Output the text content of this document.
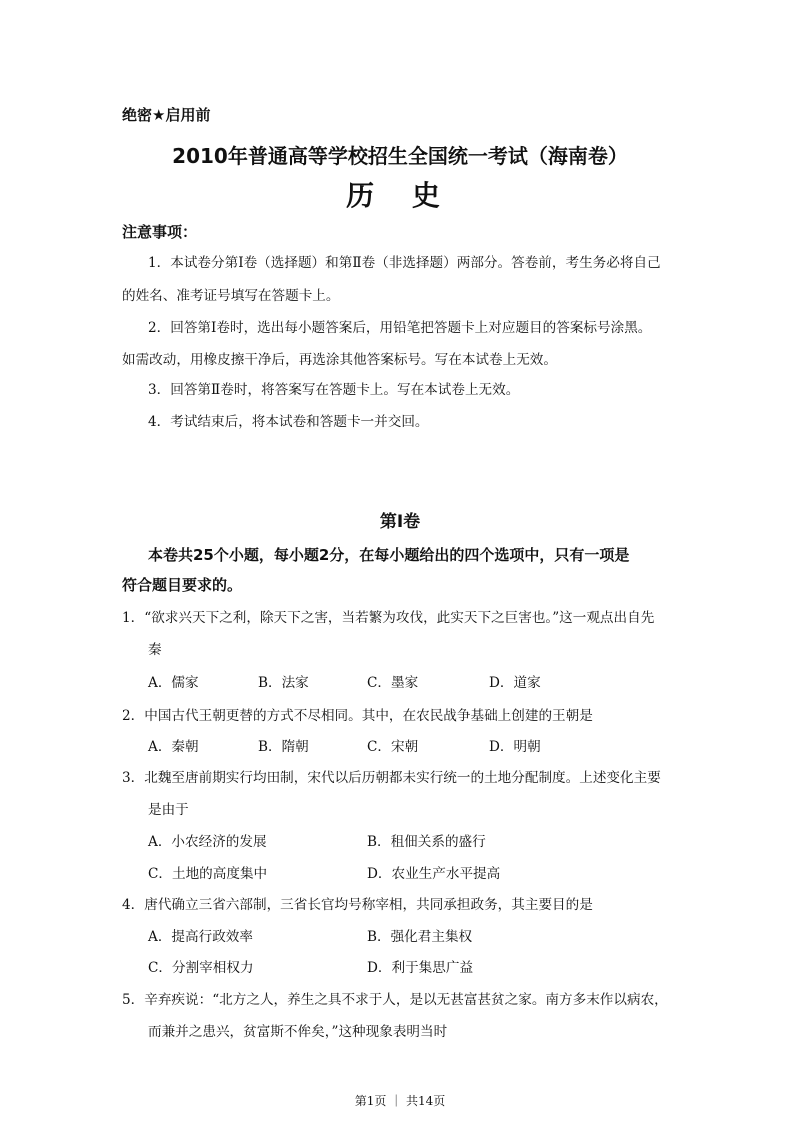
绝密★启用前
2010年普通高等学校招生全国统一考试（海南卷）
历 史
注意事项：
1．本试卷分第Ⅰ卷（选择题）和第Ⅱ卷（非选择题）两部分。答卷前，考生务必将自己
的姓名、准考证号填写在答题卡上。
2．回答第Ⅰ卷时，选出每小题答案后，用铅笔把答题卡上对应题目的答案标号涂黑。
如需改动，用橡皮擦干净后，再选涂其他答案标号。写在本试卷上无效。
3．回答第Ⅱ卷时，将答案写在答题卡上。写在本试卷上无效。
4．考试结束后，将本试卷和答题卡一并交回。
第Ⅰ卷
本卷共25个小题，每小题2分，在每小题给出的四个选项中，只有一项是
符合题目要求的。
1．“欲求兴天下之利，除天下之害，当若繁为攻伐，此实天下之巨害也。”这一观点出自先
秦
A．儒家	B．法家	C．墨家	D．道家
2．中国古代王朝更替的方式不尽相同。其中，在农民战争基础上创建的王朝是
A．秦朝	B．隋朝	C．宋朝	D．明朝
3．北魏至唐前期实行均田制，宋代以后历朝都未实行统一的土地分配制度。上述变化主要
是由于
A．小农经济的发展	B．租佃关系的盛行
C．土地的高度集中	D．农业生产水平提高
4．唐代确立三省六部制，三省长官均号称宰相，共同承担政务，其主要目的是
A．提高行政效率	B．强化君主集权
C．分割宰相权力	D．利于集思广益
5．辛弃疾说：“北方之人，养生之具不求于人，是以无甚富甚贫之家。南方多末作以病农，
而兼并之患兴，贫富斯不侔矣，”这种现象表明当时
第1页 ｜ 共14页
